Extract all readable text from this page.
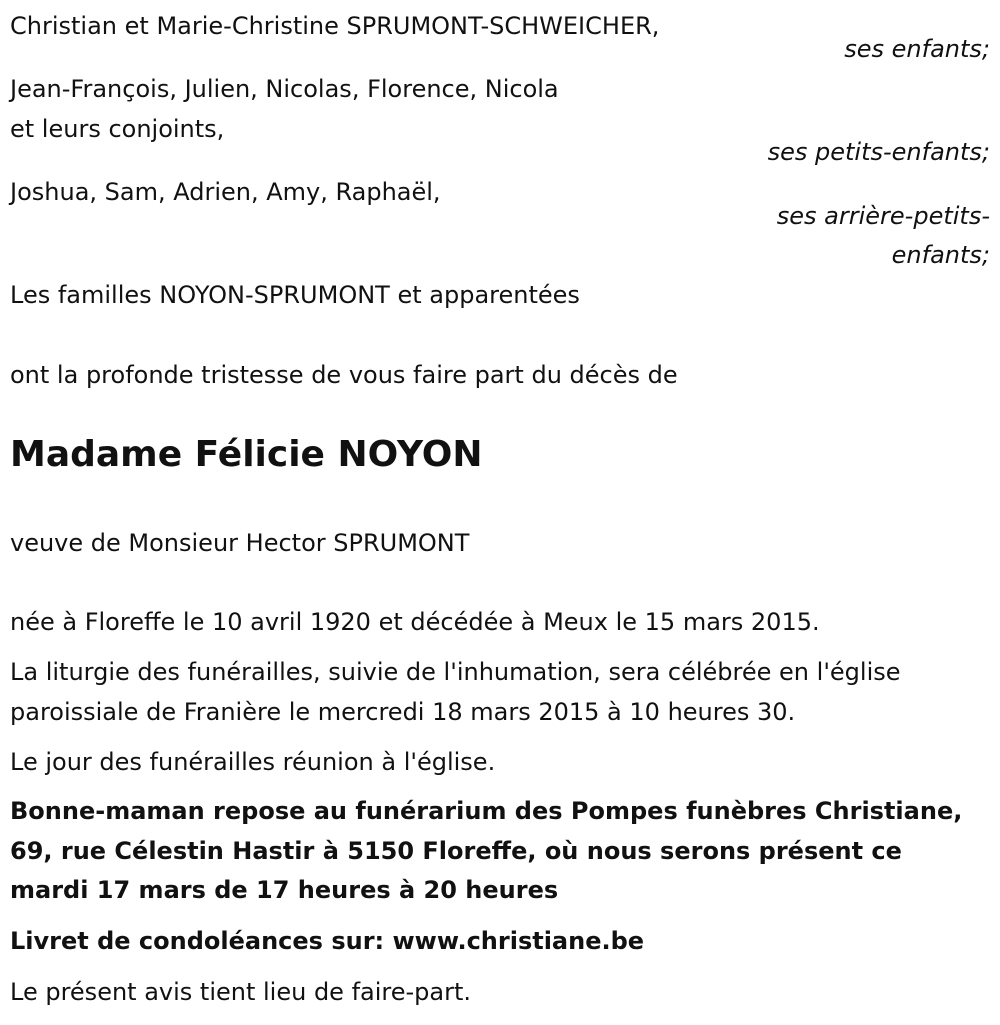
Christian et Marie-Christine SPRUMONT-SCHWEICHER,
ses enfants;
Jean-François, Julien, Nicolas, Florence, Nicola
et leurs conjoints,
ses petits-enfants;
Joshua, Sam, Adrien, Amy, Raphaël,
ses arrière-petits-
enfants;
Les familles NOYON-SPRUMONT et apparentées
ont la profonde tristesse de vous faire part du décès de
Madame Félicie NOYON
veuve de Monsieur Hector SPRUMONT
née à Floreffe le 10 avril 1920 et décédée à Meux le 15 mars 2015.
La liturgie des funérailles, suivie de l'inhumation, sera célébrée en l'église
paroissiale de Franière le mercredi 18 mars 2015 à 10 heures 30.
Le jour des funérailles réunion à l'église.
Bonne-maman repose au funérarium des Pompes funèbres Christiane,
69, rue Célestin Hastir à 5150 Floreffe, où nous serons présent ce
mardi 17 mars de 17 heures à 20 heures
Livret de condoléances sur: www.christiane.be
Le présent avis tient lieu de faire-part.
